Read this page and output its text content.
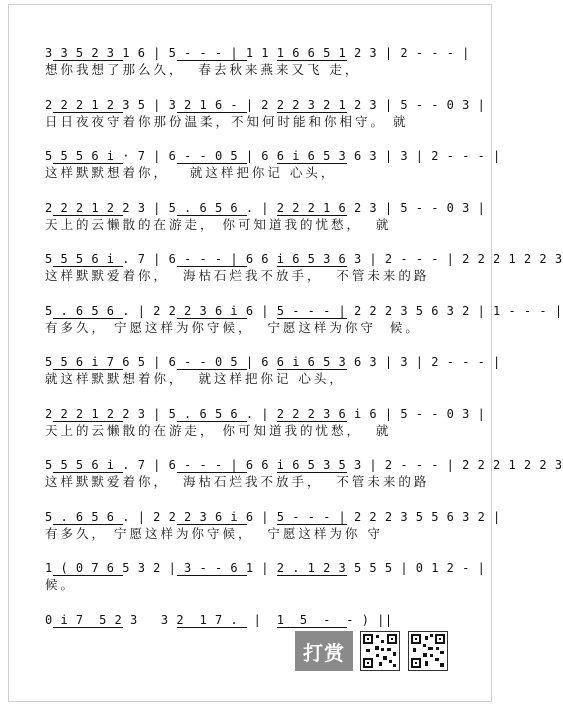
3 3 5 2 3 1 6 | 5 - - - | 1 1 1 6 6 5 1 2 3 | 2 - - - |
想你我想了那么久，  春去秋来燕来又飞 走，
2 2 2 1 2 3 5 | 3 2 1 6 - | 2 2 2 3 2 1 2 3 | 5 - - 0 3 |
日日夜夜守着你那份温柔，不知何时能和你相守。 就
5 5 5 6 i · 7 | 6 - - 0 5 | 6 6 i 6 5 3 6 3 | 3 | 2 - - - |
这样默默想着你，   就这样把你记 心头，
2 2 2 1 2 2 3 | 5 . 6 5 6 . | 2 2 2 1 6 2 3 | 5 - - 0 3 |
天上的云懒散的在游走， 你可知道我的忧愁，  就
5 5 5 6 i . 7 | 6 - - - | 6 6 i 6 5 3 6 3 | 2 - - - | 2 2 2 1 2 2 3
这样默默爱着你，  海枯石烂我不放手，  不管未来的路
5 . 6 5 6 . | 2 2 2 3 6 i 6 | 5 - - - | 2 2 2 3 5 6 3 2 | 1 - - - |
有多久， 宁愿这样为你守候，  宁愿这样为你守  候。
5 5 6 i 7 6 5 | 6 - - 0 5 | 6 6 i 6 5 3 6 3 | 3 | 2 - - - |
就这样默默想着你，  就这样把你记 心头，
2 2 2 1 2 2 3 | 5 . 6 5 6 . | 2 2 2 3 6 i 6 | 5 - - 0 3 |
天上的云懒散的在游走， 你可知道我的忧愁，  就
5 5 5 6 i . 7 | 6 - - - | 6 6 i 6 5 3 5 3 | 2 - - - | 2 2 2 1 2 2 3
这样默默爱着你，  海枯石烂我不放手，  不管未来的路
5 . 6 5 6 . | 2 2 2 3 6 i 6 | 5 - - - | 2 2 2 3 5 5 6 3 2 |
有多久， 宁愿这样为你守候，  宁愿这样为你 守
1 ( 0 7 6 5 3 2 | 3 - - 6 1 | 2 . 1 2 3 5 5 5 | 0 1 2 - |
候。
0 i 7  5 2 3   3 2  1 7 .  |  1  5  -  - ) ||
打赏
